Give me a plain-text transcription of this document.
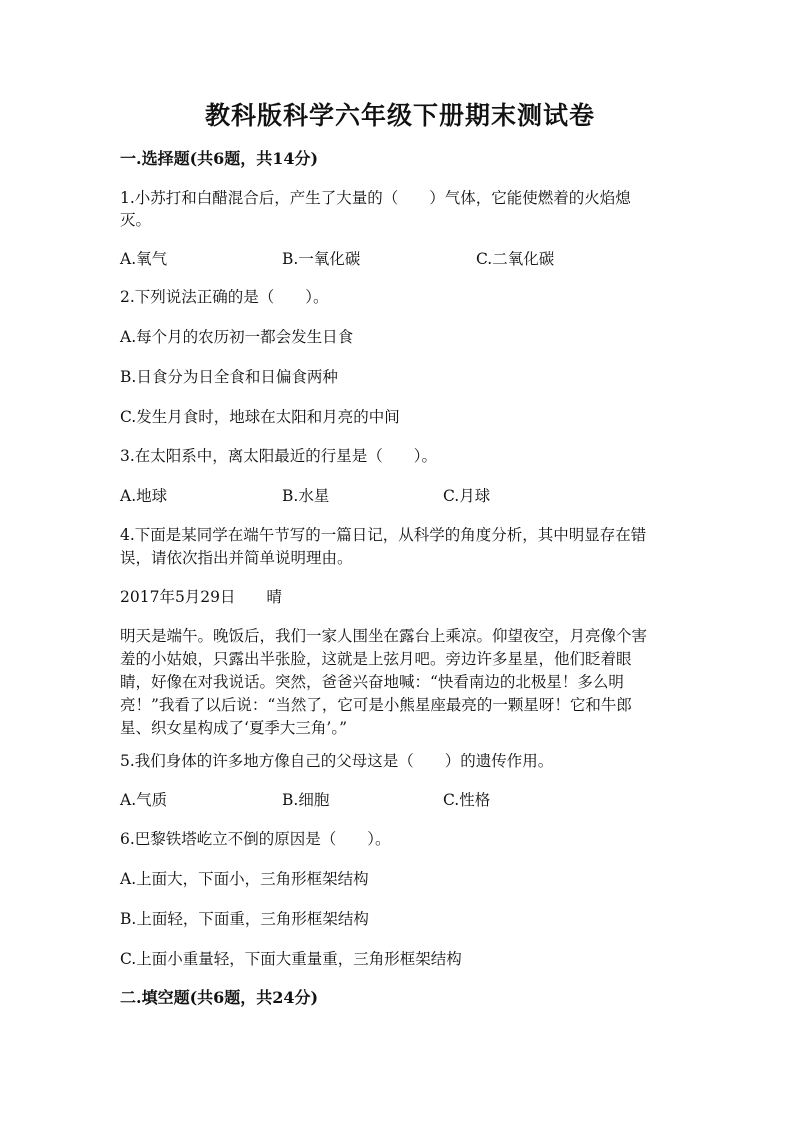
教科版科学六年级下册期末测试卷
一.选择题(共6题，共14分)
1.小苏打和白醋混合后，产生了大量的（　　）气体，它能使燃着的火焰熄
灭。
A.氧气	B.一氧化碳	C.二氧化碳
2.下列说法正确的是（　　）。
A.每个月的农历初一都会发生日食
B.日食分为日全食和日偏食两种
C.发生月食时，地球在太阳和月亮的中间
3.在太阳系中，离太阳最近的行星是（　　）。
A.地球	B.水星	C.月球
4.下面是某同学在端午节写的一篇日记，从科学的角度分析，其中明显存在错
误，请依次指出并简单说明理由。
2017年5月29日　　晴
明天是端午。晚饭后，我们一家人围坐在露台上乘凉。仰望夜空，月亮像个害
羞的小姑娘，只露出半张脸，这就是上弦月吧。旁边许多星星，他们眨着眼
睛，好像在对我说话。突然，爸爸兴奋地喊：“快看南边的北极星！多么明
亮！”我看了以后说：“当然了，它可是小熊星座最亮的一颗星呀！它和牛郎
星、织女星构成了‘夏季大三角’。”
5.我们身体的许多地方像自己的父母这是（　　）的遗传作用。
A.气质	B.细胞	C.性格
6.巴黎铁塔屹立不倒的原因是（　　）。
A.上面大，下面小，三角形框架结构
B.上面轻，下面重，三角形框架结构
C.上面小重量轻，下面大重量重，三角形框架结构
二.填空题(共6题，共24分)
